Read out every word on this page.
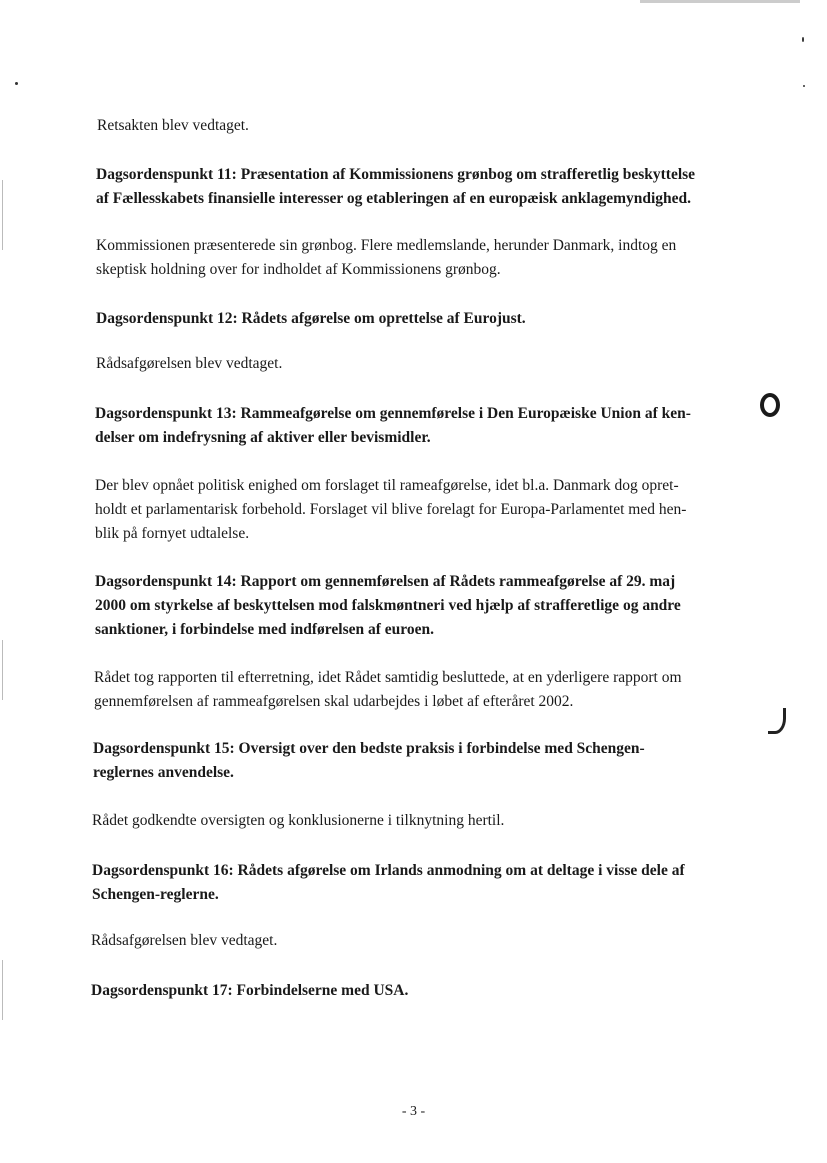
Retsakten blev vedtaget.

Dagsordenspunkt 11: Præsentation af Kommissionens grønbog om strafferetlig beskyttelse
af Fællesskabets finansielle interesser og etableringen af en europæisk anklagemyndighed.

Kommissionen præsenterede sin grønbog. Flere medlemslande, herunder Danmark, indtog en
skeptisk holdning over for indholdet af Kommissionens grønbog.

Dagsordenspunkt 12: Rådets afgørelse om oprettelse af Eurojust.

Rådsafgørelsen blev vedtaget.

Dagsordenspunkt 13: Rammeafgørelse om gennemførelse i Den Europæiske Union af ken-
delser om indefrysning af aktiver eller bevismidler.

Der blev opnået politisk enighed om forslaget til rameafgørelse, idet bl.a. Danmark dog opret-
holdt et parlamentarisk forbehold. Forslaget vil blive forelagt for Europa-Parlamentet med hen-
blik på fornyet udtalelse.

Dagsordenspunkt 14: Rapport om gennemførelsen af Rådets rammeafgørelse af 29. maj
2000 om styrkelse af beskyttelsen mod falskmøntneri ved hjælp af strafferetlige og andre
sanktioner, i forbindelse med indførelsen af euroen.

Rådet tog rapporten til efterretning, idet Rådet samtidig besluttede, at en yderligere rapport om
gennemførelsen af rammeafgørelsen skal udarbejdes i løbet af efteråret 2002.

Dagsordenspunkt 15: Oversigt over den bedste praksis i forbindelse med Schengen-
reglernes anvendelse.

Rådet godkendte oversigten og konklusionerne i tilknytning hertil.

Dagsordenspunkt 16: Rådets afgørelse om Irlands anmodning om at deltage i visse dele af
Schengen-reglerne.

Rådsafgørelsen blev vedtaget.

Dagsordenspunkt 17: Forbindelserne med USA.

- 3 -
